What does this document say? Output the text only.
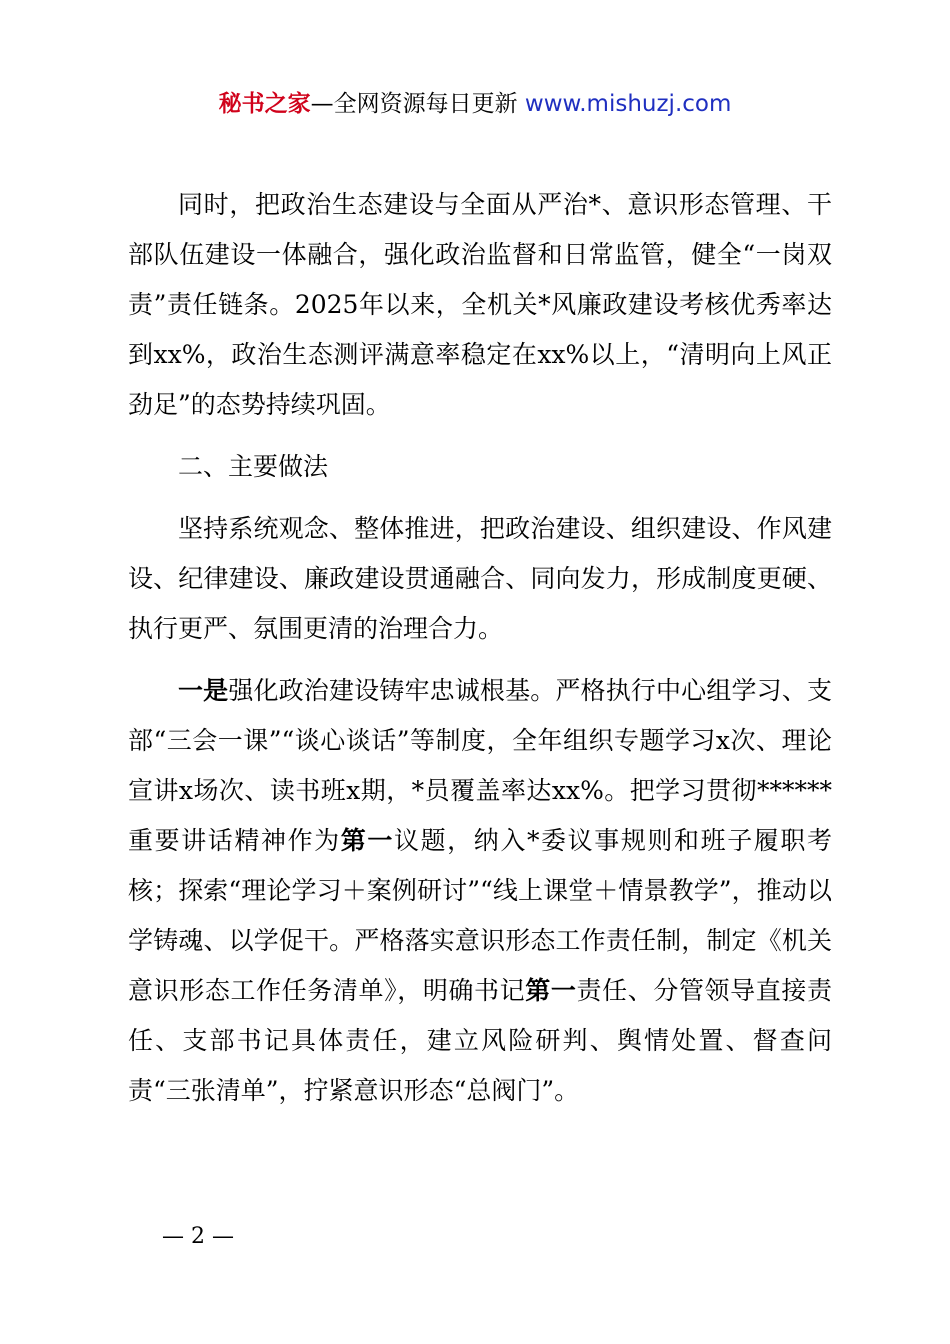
秘书之家—全网资源每日更新 www.mishuzj.com

同时，把政治生态建设与全面从严治*、意识形态管理、干部队伍建设一体融合，强化政治监督和日常监管，健全“一岗双责”责任链条。2025年以来，全机关*风廉政建设考核优秀率达到xx%，政治生态测评满意率稳定在xx%以上，“清明向上风正劲足”的态势持续巩固。

二、主要做法

坚持系统观念、整体推进，把政治建设、组织建设、作风建设、纪律建设、廉政建设贯通融合、同向发力，形成制度更硬、执行更严、氛围更清的治理合力。

一是强化政治建设铸牢忠诚根基。严格执行中心组学习、支部“三会一课”“谈心谈话”等制度，全年组织专题学习x次、理论宣讲x场次、读书班x期，*员覆盖率达xx%。把学习贯彻******重要讲话精神作为第一议题，纳入*委议事规则和班子履职考核；探索“理论学习＋案例研讨”“线上课堂＋情景教学”，推动以学铸魂、以学促干。严格落实意识形态工作责任制，制定《机关意识形态工作任务清单》，明确书记第一责任、分管领导直接责任、支部书记具体责任，建立风险研判、舆情处置、督查问责“三张清单”，拧紧意识形态“总阀门”。

— 2 —
